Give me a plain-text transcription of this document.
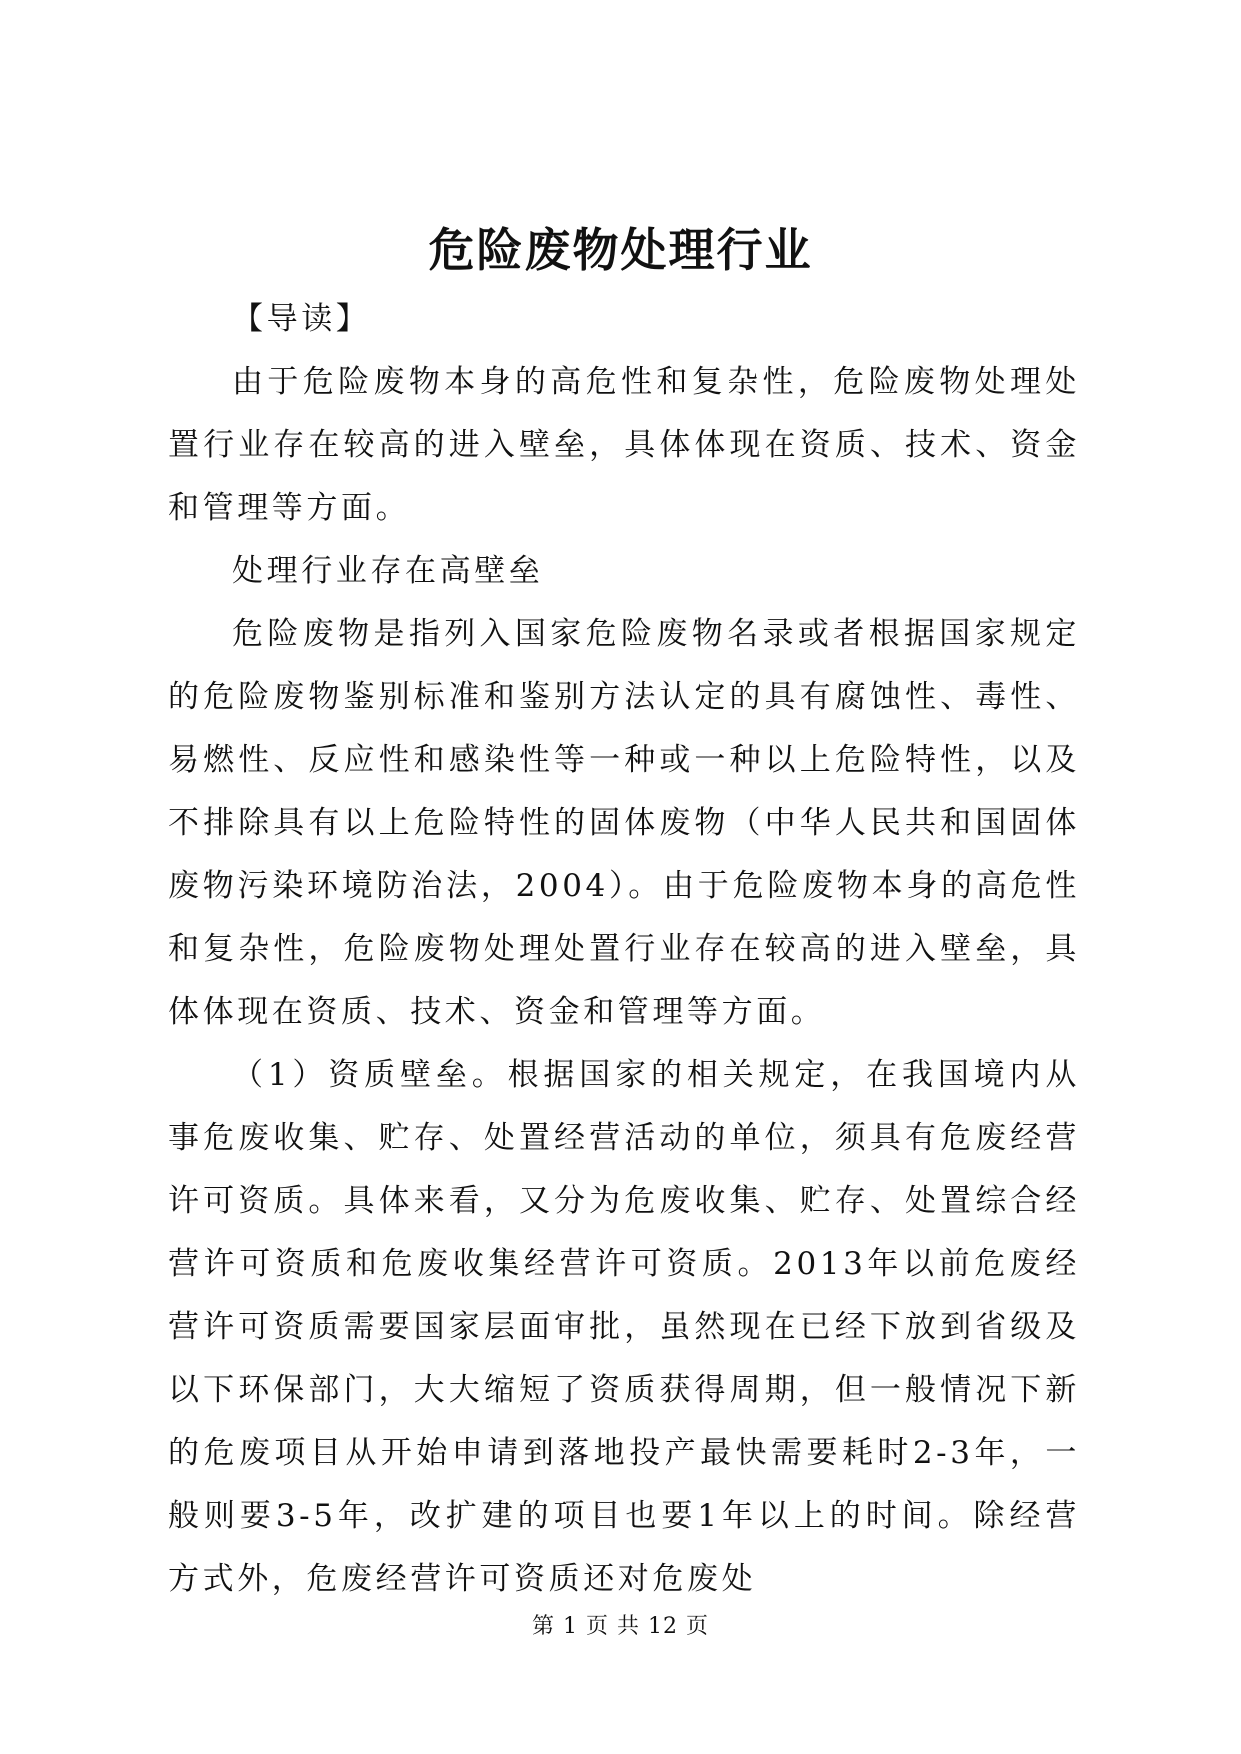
危险废物处理行业

【导读】

由于危险废物本身的高危性和复杂性，危险废物处理处置行业存在较高的进入壁垒，具体体现在资质、技术、资金和管理等方面。

处理行业存在高壁垒

危险废物是指列入国家危险废物名录或者根据国家规定的危险废物鉴别标准和鉴别方法认定的具有腐蚀性、毒性、易燃性、反应性和感染性等一种或一种以上危险特性，以及不排除具有以上危险特性的固体废物（中华人民共和国固体废物污染环境防治法，2004）。由于危险废物本身的高危性和复杂性，危险废物处理处置行业存在较高的进入壁垒，具体体现在资质、技术、资金和管理等方面。

（1）资质壁垒。根据国家的相关规定，在我国境内从事危废收集、贮存、处置经营活动的单位，须具有危废经营许可资质。具体来看，又分为危废收集、贮存、处置综合经营许可资质和危废收集经营许可资质。2013年以前危废经营许可资质需要国家层面审批，虽然现在已经下放到省级及以下环保部门，大大缩短了资质获得周期，但一般情况下新的危废项目从开始申请到落地投产最快需要耗时2-3年，一般则要3-5年，改扩建的项目也要1年以上的时间。除经营方式外，危废经营许可资质还对危废处

第 1 页 共 12 页
